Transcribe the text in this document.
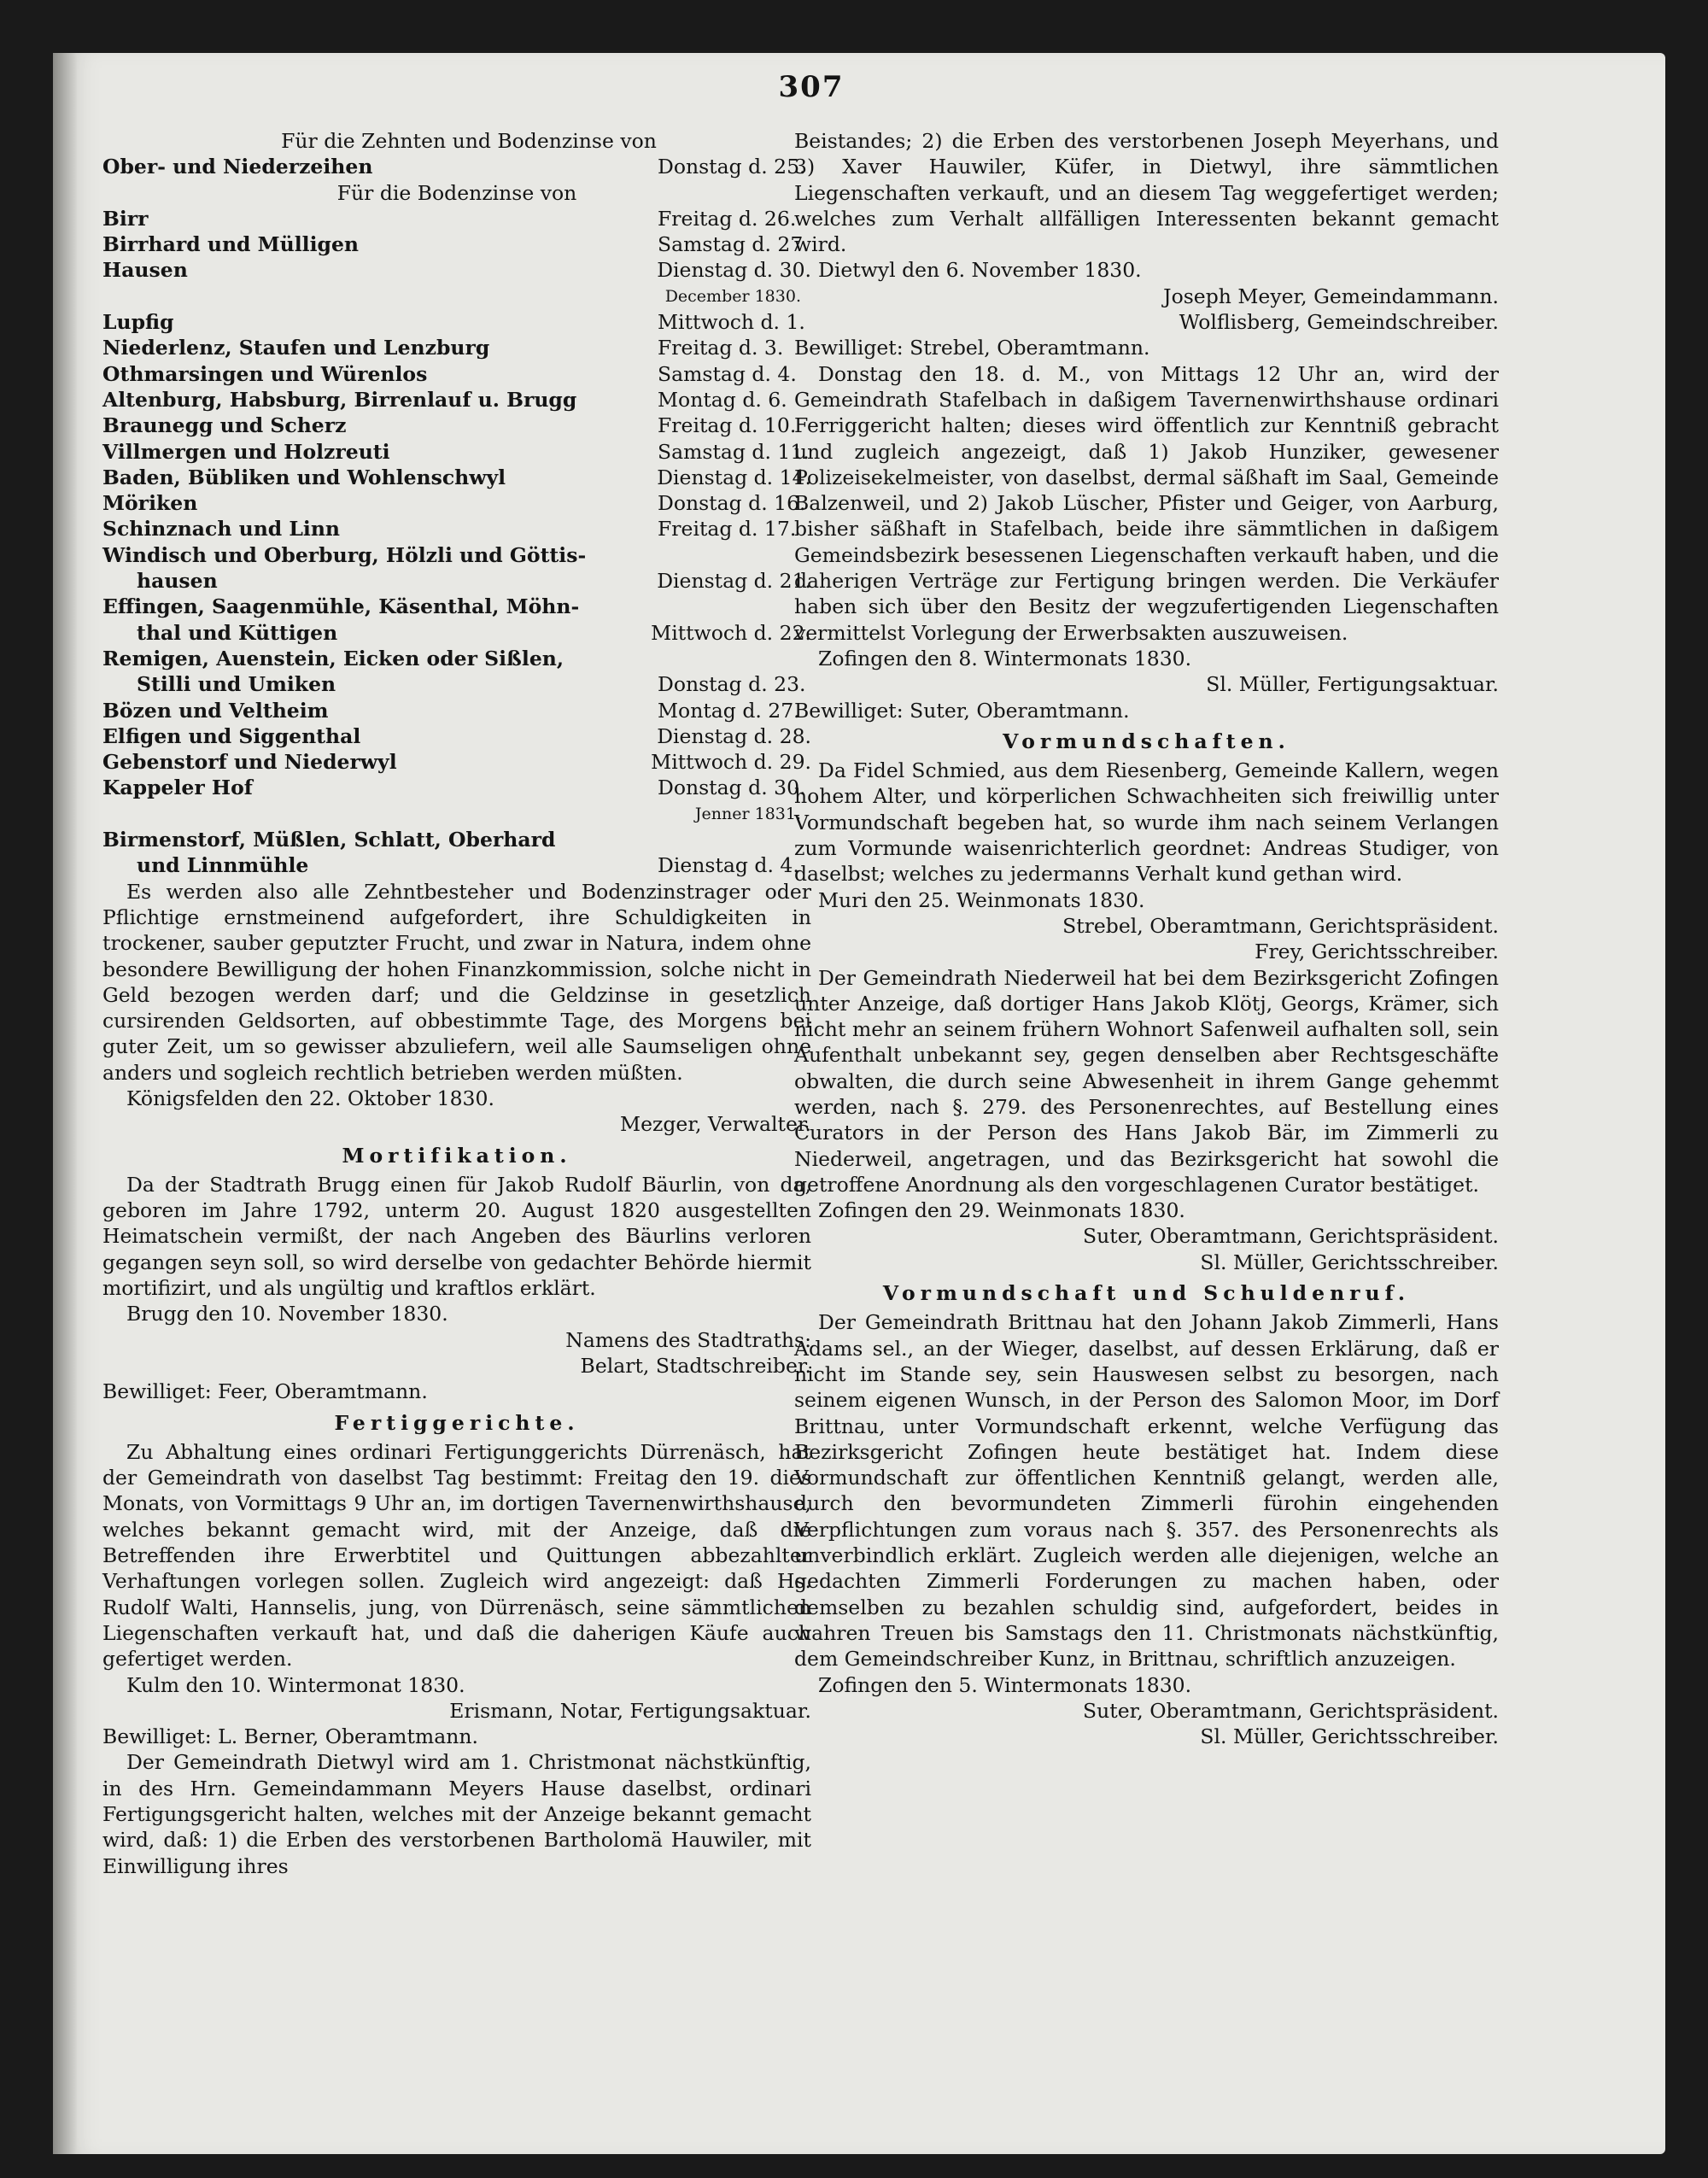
307
Für die Zehnten und Bodenzinse von
Ober- und Niederzeihen	Donstag d. 25.
Für die Bodenzinse von
Birr	Freitag d. 26.
Birrhard und Mülligen	Samstag d. 27.
Hausen	Dienstag d. 30.
December 1830.
Lupfig	Mittwoch d. 1.
Niederlenz, Staufen und Lenzburg	Freitag d. 3.
Othmarsingen und Würenlos	Samstag d. 4.
Altenburg, Habsburg, Birrenlauf u. Brugg	Montag d. 6.
Braunegg und Scherz	Freitag d. 10.
Villmergen und Holzreuti	Samstag d. 11.
Baden, Bübliken und Wohlenschwyl	Dienstag d. 14.
Möriken	Donstag d. 16.
Schinznach und Linn	Freitag d. 17.
Windisch und Oberburg, Hölzli und Göttis-
hausen	Dienstag d. 21.
Effingen, Saagenmühle, Käsenthal, Möhn-
thal und Küttigen	Mittwoch d. 22.
Remigen, Auenstein, Eicken oder Sißlen,
Stilli und Umiken	Donstag d. 23.
Bözen und Veltheim	Montag d. 27.
Elfigen und Siggenthal	Dienstag d. 28.
Gebenstorf und Niederwyl	Mittwoch d. 29.
Kappeler Hof	Donstag d. 30.
Jenner 1831.
Birmenstorf, Müßlen, Schlatt, Oberhard
und Linnmühle	Dienstag d. 4.

Es werden also alle Zehntbesteher und Bodenzinstrager oder Pflichtige ernstmeinend aufgefordert, ihre Schuldigkeiten in trockener, sauber geputzter Frucht, und zwar in Natura, indem ohne besondere Bewilligung der hohen Finanzkommission, solche nicht in Geld bezogen werden darf; und die Geldzinse in gesetzlich cursirenden Geldsorten, auf obbestimmte Tage, des Morgens bei guter Zeit, um so gewisser abzuliefern, weil alle Saumseligen ohne anders und sogleich rechtlich betrieben werden müßten.

Königsfelden den 22. Oktober 1830.
Mezger, Verwalter.
Mortifikation.

Da der Stadtrath Brugg einen für Jakob Rudolf Bäurlin, von da, geboren im Jahre 1792, unterm 20. August 1820 ausgestellten Heimatschein vermißt, der nach Angeben des Bäurlins verloren gegangen seyn soll, so wird derselbe von gedachter Behörde hiermit mortifizirt, und als ungültig und kraftlos erklärt.

Brugg den 10. November 1830.
Namens des Stadtraths:
Belart, Stadtschreiber.
Bewilliget: Feer, Oberamtmann.
Fertiggerichte.

Zu Abhaltung eines ordinari Fertigunggerichts Dürrenäsch, hat der Gemeindrath von daselbst Tag bestimmt: Freitag den 19. dies Monats, von Vormittags 9 Uhr an, im dortigen Tavernenwirthshause, welches bekannt gemacht wird, mit der Anzeige, daß die Betreffenden ihre Erwerbtitel und Quittungen abbezahlter Verhaftungen vorlegen sollen. Zugleich wird angezeigt: daß Hs. Rudolf Walti, Hannselis, jung, von Dürrenäsch, seine sämmtlichen Liegenschaften verkauft hat, und daß die daherigen Käufe auch gefertiget werden.

Kulm den 10. Wintermonat 1830.
Erismann, Notar, Fertigungsaktuar.
Bewilliget: L. Berner, Oberamtmann.

Der Gemeindrath Dietwyl wird am 1. Christmonat nächstkünftig, in des Hrn. Gemeindammann Meyers Hause daselbst, ordinari Fertigungsgericht halten, welches mit der Anzeige bekannt gemacht wird, daß: 1) die Erben des verstorbenen Bartholomä Hauwiler, mit Einwilligung ihres

Beistandes; 2) die Erben des verstorbenen Joseph Meyerhans, und 3) Xaver Hauwiler, Küfer, in Dietwyl, ihre sämmtlichen Liegenschaften verkauft, und an diesem Tag weggefertiget werden; welches zum Verhalt allfälligen Interessenten bekannt gemacht wird.

Dietwyl den 6. November 1830.
Joseph Meyer, Gemeindammann.
Wolflisberg, Gemeindschreiber.
Bewilliget: Strebel, Oberamtmann.

Donstag den 18. d. M., von Mittags 12 Uhr an, wird der Gemeindrath Stafelbach in daßigem Tavernenwirthshause ordinari Ferriggericht halten; dieses wird öffentlich zur Kenntniß gebracht und zugleich angezeigt, daß 1) Jakob Hunziker, gewesener Polizeisekelmeister, von daselbst, dermal säßhaft im Saal, Gemeinde Balzenweil, und 2) Jakob Lüscher, Pfister und Geiger, von Aarburg, bisher säßhaft in Stafelbach, beide ihre sämmtlichen in daßigem Gemeindsbezirk besessenen Liegenschaften verkauft haben, und die daherigen Verträge zur Fertigung bringen werden. Die Verkäufer haben sich über den Besitz der wegzufertigenden Liegenschaften vermittelst Vorlegung der Erwerbsakten auszuweisen.

Zofingen den 8. Wintermonats 1830.
Sl. Müller, Fertigungsaktuar.
Bewilliget: Suter, Oberamtmann.
Vormundschaften.

Da Fidel Schmied, aus dem Riesenberg, Gemeinde Kallern, wegen hohem Alter, und körperlichen Schwachheiten sich freiwillig unter Vormundschaft begeben hat, so wurde ihm nach seinem Verlangen zum Vormunde waisenrichterlich geordnet: Andreas Studiger, von daselbst; welches zu jedermanns Verhalt kund gethan wird.

Muri den 25. Weinmonats 1830.
Strebel, Oberamtmann, Gerichtspräsident.
Frey, Gerichtsschreiber.

Der Gemeindrath Niederweil hat bei dem Bezirksgericht Zofingen unter Anzeige, daß dortiger Hans Jakob Klötj, Georgs, Krämer, sich nicht mehr an seinem frühern Wohnort Safenweil aufhalten soll, sein Aufenthalt unbekannt sey, gegen denselben aber Rechtsgeschäfte obwalten, die durch seine Abwesenheit in ihrem Gange gehemmt werden, nach §. 279. des Personenrechtes, auf Bestellung eines Curators in der Person des Hans Jakob Bär, im Zimmerli zu Niederweil, angetragen, und das Bezirksgericht hat sowohl die getroffene Anordnung als den vorgeschlagenen Curator bestätiget.

Zofingen den 29. Weinmonats 1830.
Suter, Oberamtmann, Gerichtspräsident.
Sl. Müller, Gerichtsschreiber.
Vormundschaft und Schuldenruf.

Der Gemeindrath Brittnau hat den Johann Jakob Zimmerli, Hans Adams sel., an der Wieger, daselbst, auf dessen Erklärung, daß er nicht im Stande sey, sein Hauswesen selbst zu besorgen, nach seinem eigenen Wunsch, in der Person des Salomon Moor, im Dorf Brittnau, unter Vormundschaft erkennt, welche Verfügung das Bezirksgericht Zofingen heute bestätiget hat. Indem diese Vormundschaft zur öffentlichen Kenntniß gelangt, werden alle, durch den bevormundeten Zimmerli fürohin eingehenden Verpflichtungen zum voraus nach §. 357. des Personenrechts als unverbindlich erklärt. Zugleich werden alle diejenigen, welche an gedachten Zimmerli Forderungen zu machen haben, oder demselben zu bezahlen schuldig sind, aufgefordert, beides in wahren Treuen bis Samstags den 11. Christmonats nächstkünftig, dem Gemeindschreiber Kunz, in Brittnau, schriftlich anzuzeigen.

Zofingen den 5. Wintermonats 1830.
Suter, Oberamtmann, Gerichtspräsident.
Sl. Müller, Gerichtsschreiber.
